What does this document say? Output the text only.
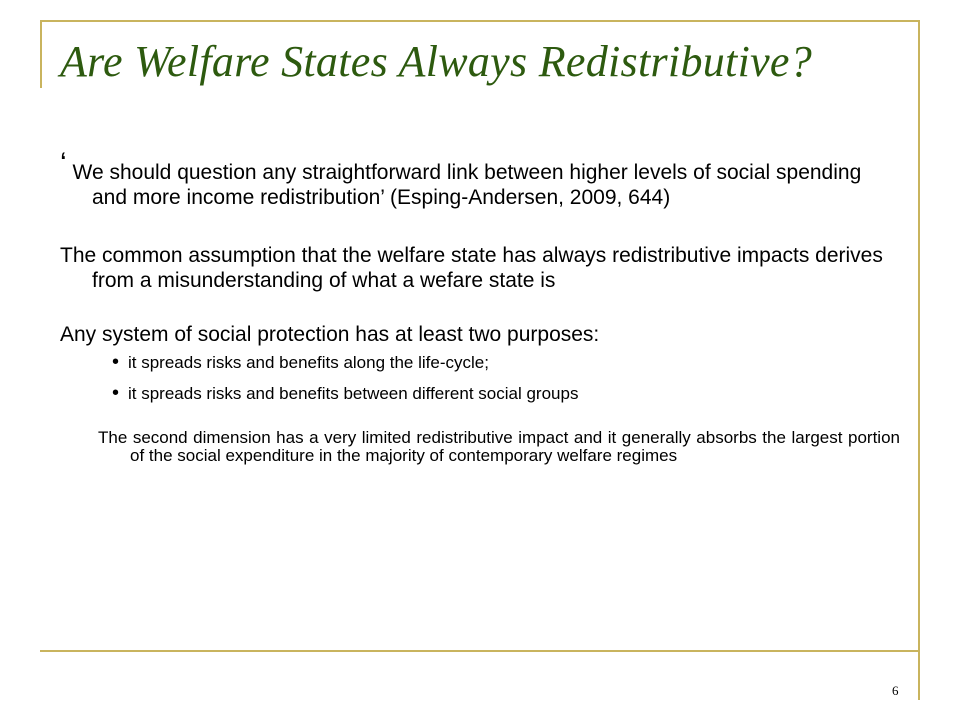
Are Welfare States Always Redistributive?

‘ We should question any straightforward link between higher levels of social spending and more income redistribution’ (Esping-Andersen, 2009, 644)

The common assumption that the welfare state has always redistributive impacts derives from a misunderstanding of what a wefare state is

Any system of social protection has at least two purposes:

• it spreads risks and benefits along the life-cycle;
• it spreads risks and benefits between different social groups

The second dimension has a very limited redistributive impact and it generally absorbs the largest portion of the social expenditure in the majority of contemporary welfare regimes

6
